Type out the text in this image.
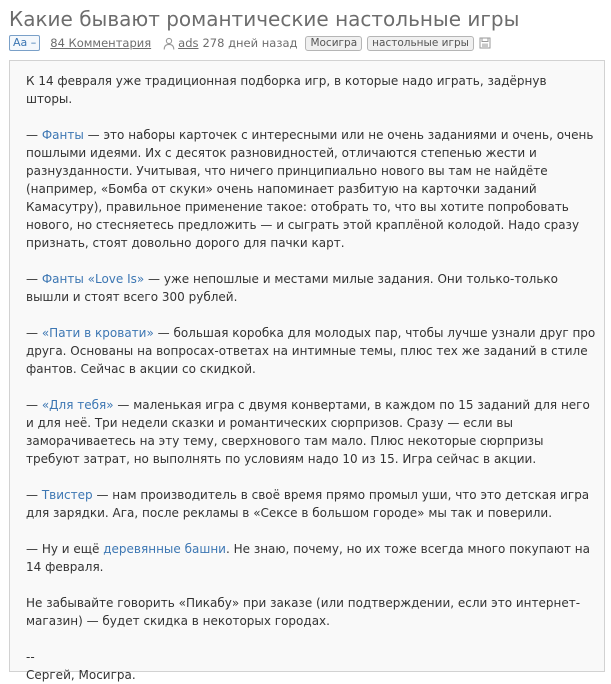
Какие бывают романтические настольные игры
Aa –	84 Комментария ads 278 дней назад	Мосигра	настольные игры

К 14 февраля уже традиционная подборка игр, в которые надо играть, задёрнув шторы.

— Фанты — это наборы карточек с интересными или не очень заданиями и очень, очень пошлыми идеями. Их с десяток разновидностей, отличаются степенью жести и разнузданности. Учитывая, что ничего принципиально нового вы там не найдёте (например, «Бомба от скуки» очень напоминает разбитую на карточки заданий Камасутру), правильное применение такое: отобрать то, что вы хотите попробовать нового, но стесняетесь предложить — и сыграть этой краплёной колодой. Надо сразу признать, стоят довольно дорого для пачки карт.

— Фанты «Love Is» — уже непошлые и местами милые задания. Они только-только вышли и стоят всего 300 рублей.

— «Пати в кровати» — большая коробка для молодых пар, чтобы лучше узнали друг про друга. Основаны на вопросах-ответах на интимные темы, плюс тех же заданий в стиле фантов. Сейчас в акции со скидкой.

— «Для тебя» — маленькая игра с двумя конвертами, в каждом по 15 заданий для него и для неё. Три недели сказки и романтических сюрпризов. Сразу — если вы заморачиваетесь на эту тему, сверхнового там мало. Плюс некоторые сюрпризы требуют затрат, но выполнять по условиям надо 10 из 15. Игра сейчас в акции.

— Твистер — нам производитель в своё время прямо промыл уши, что это детская игра для зарядки. Ага, после рекламы в «Сексе в большом городе» мы так и поверили.

— Ну и ещё деревянные башни. Не знаю, почему, но их тоже всегда много покупают на 14 февраля.

Не забывайте говорить «Пикабу» при заказе (или подтверждении, если это интернет-магазин) — будет скидка в некоторых городах.

--

Сергей, Мосигра.
